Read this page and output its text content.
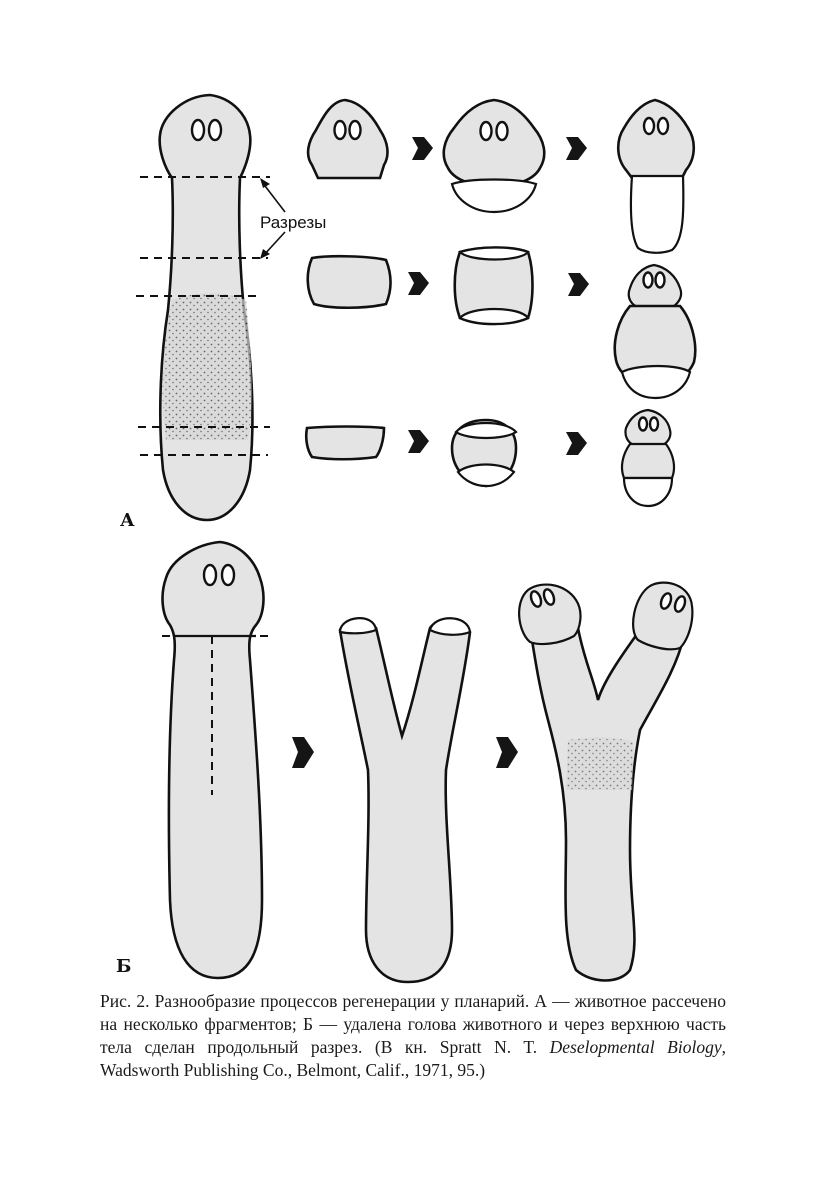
Разрезы
А
Б
Рис. 2. Разнообразие процессов регенерации у планарий. А — животное рассечено на несколько фрагментов; Б — удалена голова животного и через верхнюю часть тела сделан продольный разрез. (В кн. Spratt N. T. Deselopmental Biology, Wadsworth Publishing Co., Belmont, Calif., 1971, 95.)
